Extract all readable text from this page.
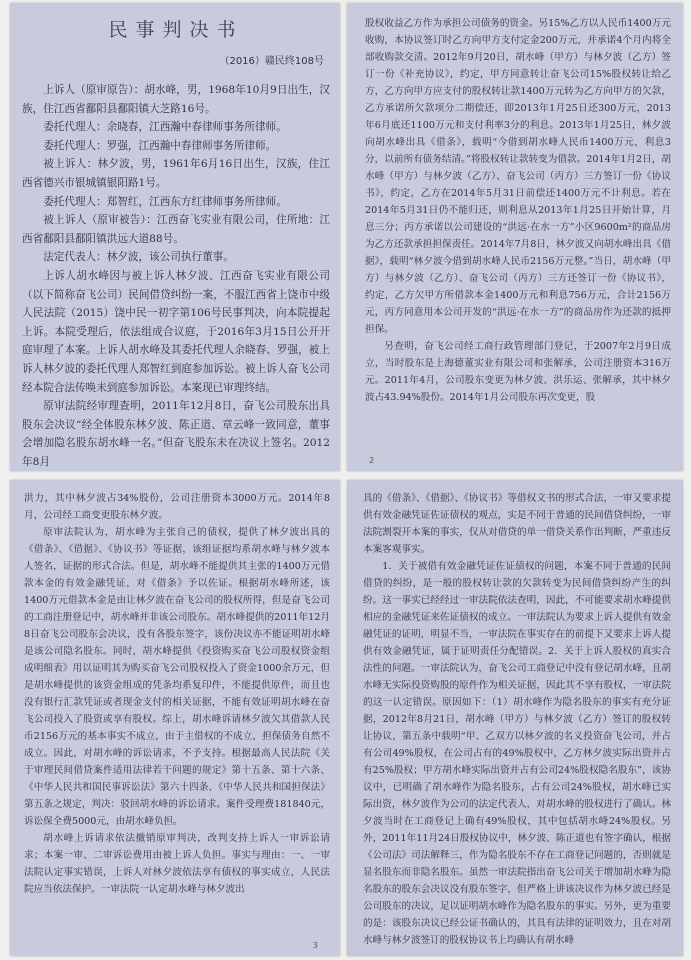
民事判决书
（2016）赣民终108号

上诉人（原审原告）：胡水峰，男，1968年10月9日出生，汉族，住江西省鄱阳县鄱阳镇大芝路16号。

委托代理人：余晓春，江西瀚中春律师事务所律师。

委托代理人：罗强，江西瀚中春律师事务所律师。

被上诉人：林夕波，男，1961年6月16日出生，汉族，住江西省德兴市银城镇银阳路1号。

委托代理人：郑智红，江西东方红律师事务所律师。

被上诉人（原审被告）：江西奋飞实业有限公司，住所地：江西省鄱阳县鄱阳镇洪远大道88号。

法定代表人：林夕波，该公司执行董事。

上诉人胡水峰因与被上诉人林夕波、江西奋飞实业有限公司（以下简称奋飞公司）民间借贷纠纷一案，不服江西省上饶市中级人民法院（2015）饶中民一初字第106号民事判决，向本院提起上诉。本院受理后，依法组成合议庭，于2016年3月15日公开开庭审理了本案。上诉人胡水峰及其委托代理人余晓春、罗强，被上诉人林夕波的委托代理人郑智红到庭参加诉讼。被上诉人奋飞公司经本院合法传唤未到庭参加诉讼。本案现已审理终结。

原审法院经审理查明，2011年12月8日，奋飞公司股东出具股东会决议“经全体股东林夕波、陈正道、章云峰一致同意，董事会增加隐名股东胡水峰一名。”但奋飞股东未在决议上签名。2012年8月

股权收益乙方作为承担公司债务的资金。另15%乙方以人民币1400万元收购，本协议签订时乙方向甲方支付定金200万元，并承诺4个月内将全部收购款交清。2012年9月20日，胡水峰（甲方）与林夕波（乙方）签订一份《补充协议》，约定，甲方同意转让奋飞公司15%股权转让给乙方，乙方向甲方应支付的股权转让款1400万元转为乙方向甲方的欠款，乙方承诺所欠款项分二期偿还，即2013年1月25日还300万元，2013年6月底还1100万元和支付利率3分的利息。2013年1月25日，林夕波向胡水峰出具《借条》，载明“今借到胡水峰人民币1400万元，利息3分，以前所有债务结清。”将股权转让款转变为借款。2014年1月2日，胡水峰（甲方）与林夕波（乙方）、奋飞公司（丙方）三方签订一份《协议书》，约定，乙方在2014年5月31日前偿还1400万元不计利息。若在2014年5月31日仍不能归还，则利息从2013年1月25日开始计算，月息三分；丙方承诺以公司建设的“洪远·在水一方”小区9600m²的商品房为乙方还款承担担保责任。2014年7月8日，林夕波又向胡水峰出具《借据》，载明“林夕波今借到胡水峰人民币2156万元整。”当日，胡水峰（甲方）与林夕波（乙方）、奋飞公司（丙方）三方还签订一份《协议书》，约定，乙方欠甲方所借款本金1400万元和利息756万元，合计2156万元，丙方同意用本公司开发的“洪远·在水一方”的商品房作为还款的抵押担保。

另查明，奋飞公司经工商行政管理部门登记，于2007年2月9日成立，当时股东是上海德董实业有限公司和张解承，公司注册资本316万元。2011年4月，公司股东变更为林夕波、洪乐运、张解承，其中林夕波占43.94%股份。2014年1月公司股东再次变更，股

2

洪力，其中林夕波占34%股份，公司注册资本3000万元。2014年8月，公司经工商变更股东林夕波。

原审法院认为，胡水峰为主张自己的债权，提供了林夕波出具的《借条》、《借据》、《协议书》等证据，该组证据均系胡水峰与林夕波本人签名，证据的形式合法。但是，胡水峰不能提供其主张的1400万元借款本金的有效金融凭证，对《借条》予以佐证。根据胡水峰所述，该1400万元借款本金是由让林夕波在奋飞公司的股权所得，但是奋飞公司的工商注册登记中，胡水峰并非该公司股东。胡水峰提供的2011年12月8日奋飞公司股东会决议，没有各股东签字，该份决议亦不能证明胡水峰是该公司隐名股东。同时，胡水峰提供《投资购买奋飞公司股权资金组成明细表》用以证明其为购买奋飞公司股权投入了资金1000余万元，但是胡水峰提供的该资金组成的凭条均系复印件，不能提供原件，而且也没有银行汇款凭证或者现金支付的相关证据，不能有效证明胡水峰在奋飞公司投入了股资或享有股权。综上，胡水峰诉请林夕波欠其借款人民币2156万元的基本事实不成立，由于主借权的不成立，担保债务自然不成立。因此，对胡水峰的诉讼请求，不予支持。根据最高人民法院《关于审理民间借贷案件适用法律若干问题的规定》第十五条、第十六条、《中华人民共和国民事诉讼法》第六十四条、《中华人民共和国担保法》第五条之规定，判决：驳回胡水峰的诉讼请求。案件受理费181840元，诉讼保全费5000元，由胡水峰负担。

胡水峰上诉请求依法撤销原审判决，改判支持上诉人一审诉讼请求；本案一审、二审诉讼费用由被上诉人负担。事实与理由：一、一审法院认定事实错误，上诉人对林夕波依法享有债权的事实成立，人民法院应当依法保护。一审法院一认定胡水峰与林夕波出

3

具的《借条》、《借据》、《协议书》等借权文书的形式合法，一审又要求提供有效金融凭证佐证债权的观点，实是不同于普通的民间借贷纠纷，一审法院割裂开本案的事实，仅从对借贷的单一借贷关系作出判断，严重违反本案客观事实。

1．关于被借有效金融凭证佐证债权的问题，本案不同于普通的民间借贷的纠纷，是一般的股权转让款的欠款转变为民间借贷纠纷产生的纠纷。这一事实已经经过一审法院依法查明，因此，不可能要求胡水峰提供相应的金融凭证来佐证债权的成立。一审法院认为要求上诉人提供有效金融凭证的证明，明显不当，一审法院在事实存在的前提下又要求上诉人提供有效金融凭证，属于证明责任分配错误。2．关于上诉人股权的真实合法性的问题。一审法院认为，奋飞公司工商登记中没有登记胡水峰，且胡水峰无实际投资购股的原件作为相关证据，因此其不享有股权，一审法院的这一认定错误。原因如下：（1）胡水峰作为隐名股东的事实有充分证据，2012年8月21日，胡水峰（甲方）与林夕波（乙方）签订的股权转让协议，第五条中载明“甲、乙双方以林夕波的名义投资奋飞公司，并占有公司49%股权，在公司占有的49%股权中，乙方林夕波实际出资并占有25%股权；甲方胡水峰实际出资并占有公司24%股权隐名股东”，该协议中，已明确了胡水峰作为隐名股东，占有公司24%股权，胡水峰已实际出资，林夕波作为公司的法定代表人，对胡水峰的股权进行了确认。林夕波当时在工商登记上确有49%股权，其中包括胡水峰24%股权。另外，2011年11月24日股权协议中，林夕波、陈正道也有签字确认，根据《公司法》司法解释三，作为隐名股东不存在工商登记问题的，否则就是显名股东而非隐名股东。虽然一审法院指出奋飞公司关于增加胡水峰为隐名股东的股东会决议没有股东签字，但严格上讲该决议作为林夕波已经是公司股东的决议，足以证明胡水峰作为隐名股东的事实。另外，更为重要的是：该股东决议已经公证书确认的，其具有法律的证明效力，且在对胡水峰与林夕波签订的股权协议书上均确认有胡水峰
